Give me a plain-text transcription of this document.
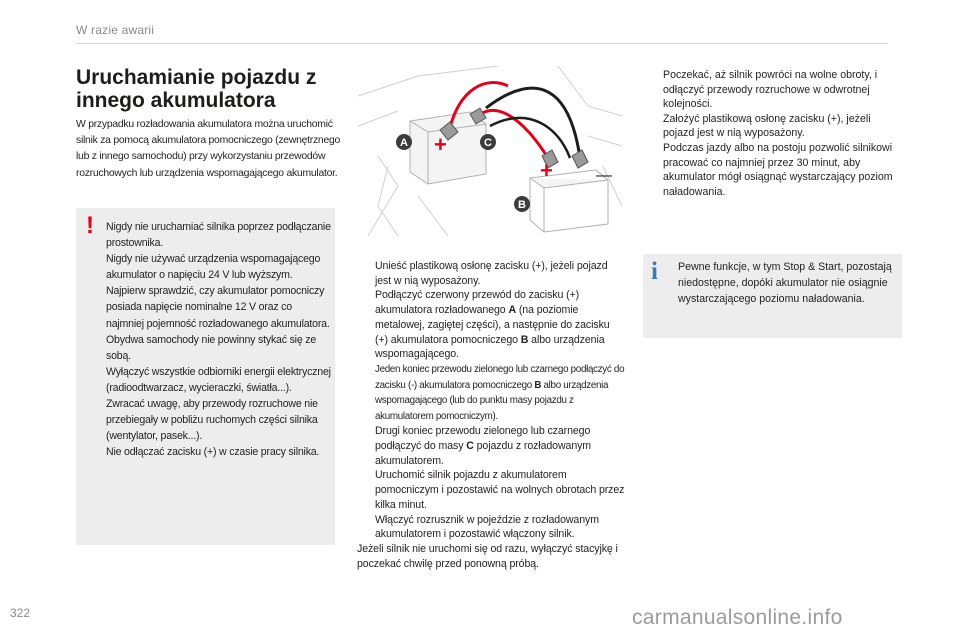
W razie awarii
Uruchamianie pojazdu z innego akumulatora
W przypadku rozładowania akumulatora można uruchomić silnik za pomocą akumulatora pomocniczego (zewnętrznego lub z innego samochodu) przy wykorzystaniu przewodów rozruchowych lub urządzenia wspomagającego akumulator.
! Nigdy nie uruchamiać silnika poprzez podłączanie prostownika.
Nigdy nie używać urządzenia wspomagającego akumulator o napięciu 24 V lub wyższym.
Najpierw sprawdzić, czy akumulator pomocniczy posiada napięcie nominalne 12 V oraz co najmniej pojemność rozładowanego akumulatora.
Obydwa samochody nie powinny stykać się ze sobą.
Wyłączyć wszystkie odbiorniki energii elektrycznej (radioodtwarzacz, wycieraczki, światła...).
Zwracać uwagę, aby przewody rozruchowe nie przebiegały w pobliżu ruchomych części silnika (wentylator, pasek...).
Nie odłączać zacisku (+) w czasie pracy silnika.
+
+	—
A
B
C

Unieść plastikową osłonę zacisku (+), jeżeli pojazd jest w nią wyposażony.

Podłączyć czerwony przewód do zacisku (+) akumulatora rozładowanego A (na poziomie metalowej, zagiętej części), a następnie do zacisku (+) akumulatora pomocniczego B albo urządzenia wspomagającego.

Jeden koniec przewodu zielonego lub czarnego podłączyć do zacisku (-) akumulatora pomocniczego B albo urządzenia wspomagającego (lub do punktu masy pojazdu z akumulatorem pomocniczym).

Drugi koniec przewodu zielonego lub czarnego podłączyć do masy C pojazdu z rozładowanym akumulatorem.

Uruchomić silnik pojazdu z akumulatorem pomocniczym i pozostawić na wolnych obrotach przez kilka minut.

Włączyć rozrusznik w pojeździe z rozładowanym akumulatorem i pozostawić włączony silnik.

Jeżeli silnik nie uruchomi się od razu, wyłączyć stacyjkę i poczekać chwilę przed ponowną próbą.

Poczekać, aż silnik powróci na wolne obroty, i odłączyć przewody rozruchowe w odwrotnej kolejności.

Założyć plastikową osłonę zacisku (+), jeżeli pojazd jest w nią wyposażony.

Podczas jazdy albo na postoju pozwolić silnikowi pracować co najmniej przez 30 minut, aby akumulator mógł osiągnąć wystarczający poziom naładowania.

i Pewne funkcje, w tym Stop & Start, pozostają niedostępne, dopóki akumulator nie osiągnie wystarczającego poziomu naładowania.
322	carmanualsonline.info
